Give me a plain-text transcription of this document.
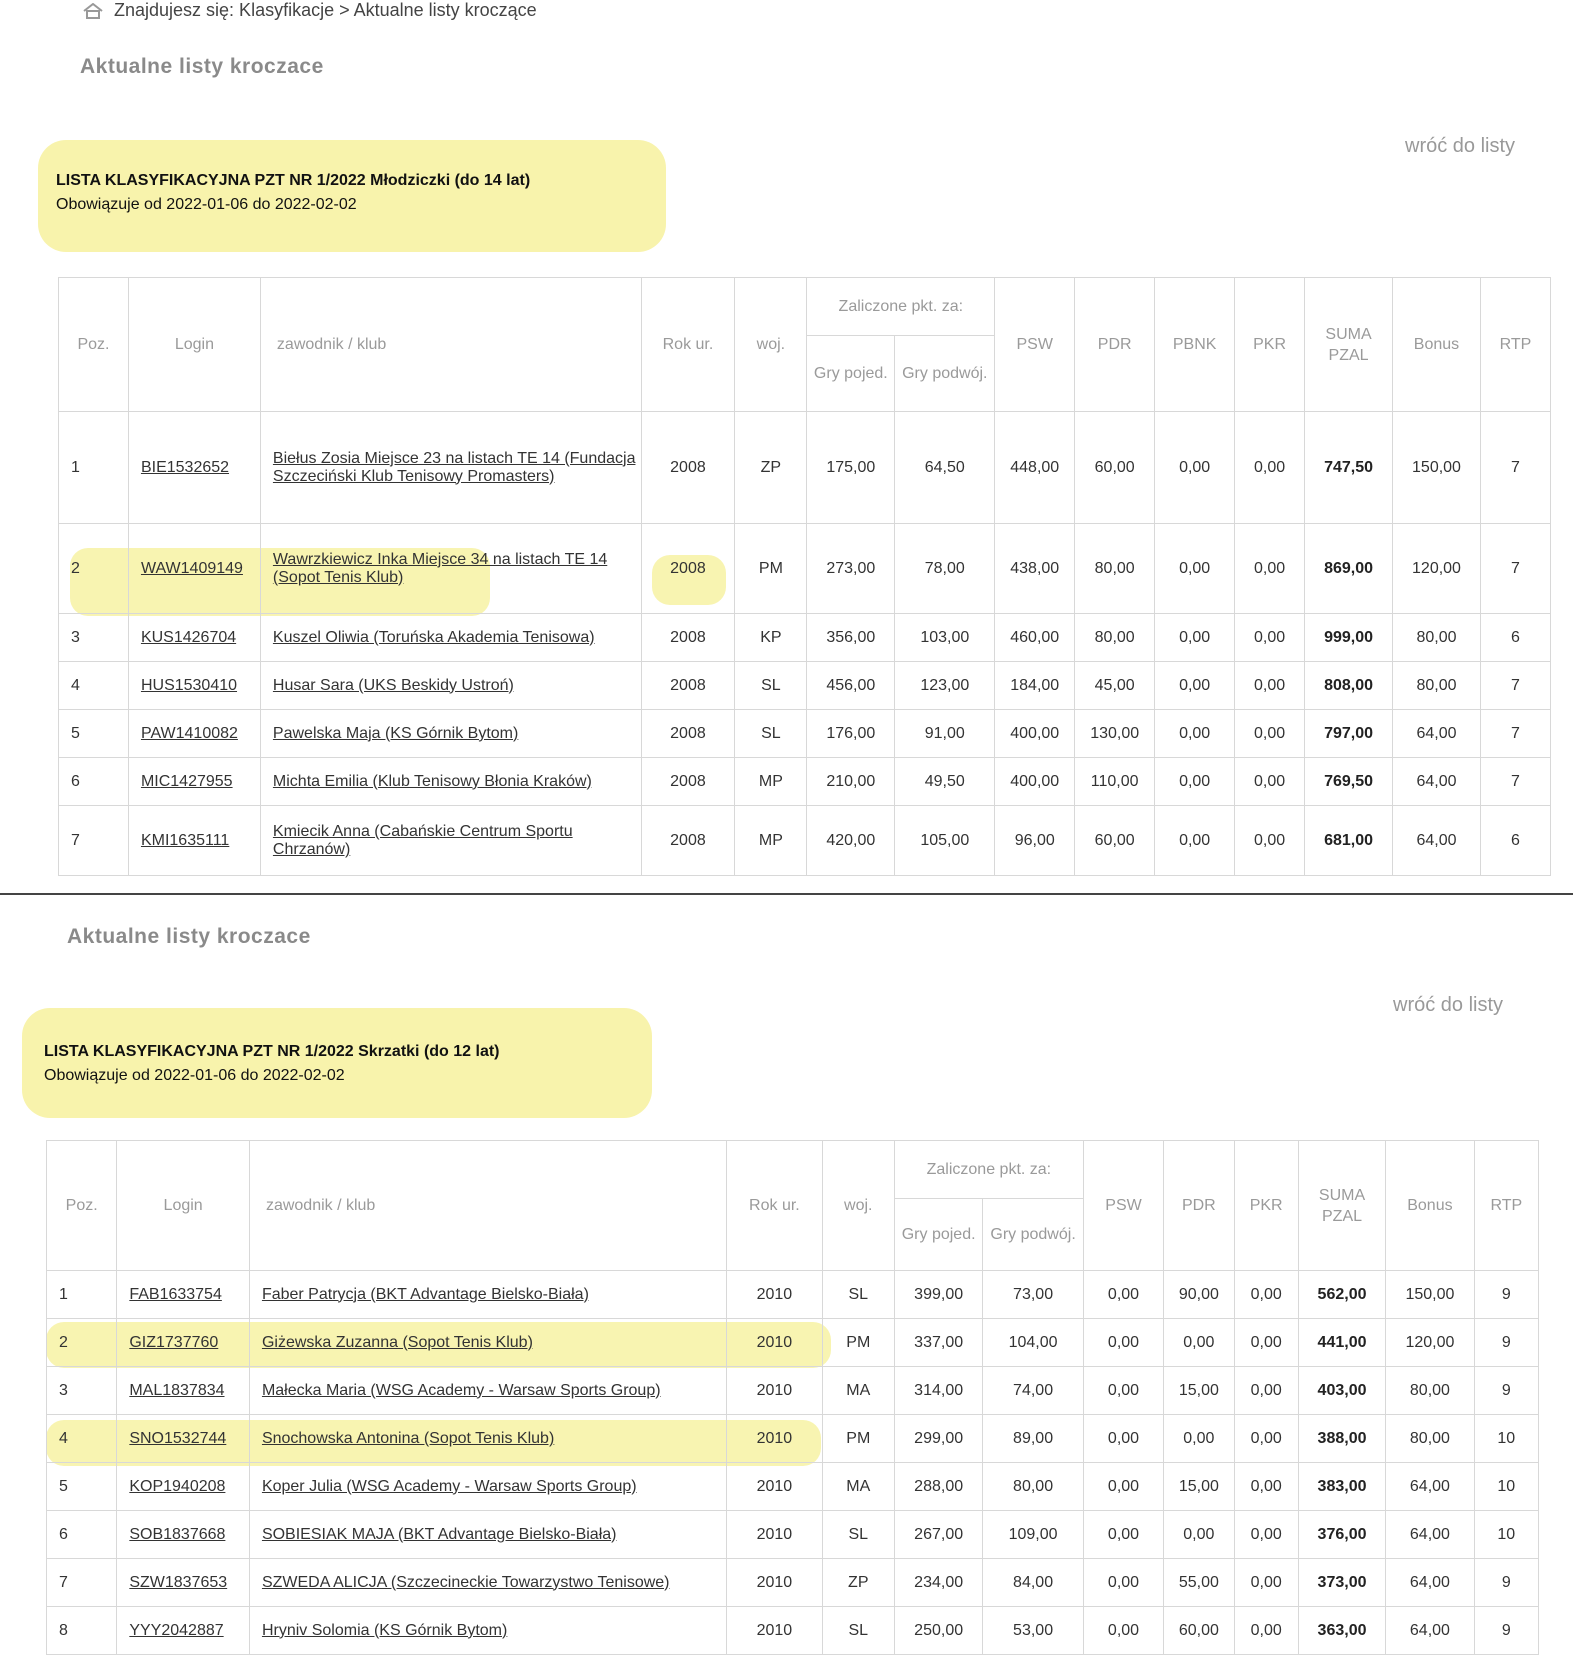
Znajdujesz się: Klasyfikacje > Aktualne listy kroczące
Aktualne listy kroczace
wróć do listy
LISTA KLASYFIKACYJNA PZT NR 1/2022 Młodziczki (do 14 lat)
Obowiązuje od 2022-01-06 do 2022-02-02
Poz.	Login	zawodnik / klub	Rok ur.	woj.	Zaliczone pkt. za:		PSW	PDR	PBNK	PKR	SUMA PZAL	Bonus	RTP
					Gry pojed.	Gry podwój.							
1	BIE1532652	Biełus Zosia Miejsce 23 na listach TE 14 (Fundacja Szczeciński Klub Tenisowy Promasters)	2008	ZP	175,00	64,50	448,00	60,00	0,00	0,00	747,50	150,00	7
2	WAW1409149	Wawrzkiewicz Inka Miejsce 34 na listach TE 14 (Sopot Tenis Klub)	2008	PM	273,00	78,00	438,00	80,00	0,00	0,00	869,00	120,00	7
3	KUS1426704	Kuszel Oliwia (Toruńska Akademia Tenisowa)	2008	KP	356,00	103,00	460,00	80,00	0,00	0,00	999,00	80,00	6
4	HUS1530410	Husar Sara (UKS Beskidy Ustroń)	2008	SL	456,00	123,00	184,00	45,00	0,00	0,00	808,00	80,00	7
5	PAW1410082	Pawelska Maja (KS Górnik Bytom)	2008	SL	176,00	91,00	400,00	130,00	0,00	0,00	797,00	64,00	7
6	MIC1427955	Michta Emilia (Klub Tenisowy Błonia Kraków)	2008	MP	210,00	49,50	400,00	110,00	0,00	0,00	769,50	64,00	7
7	KMI1635111	Kmiecik Anna (Cabańskie Centrum Sportu Chrzanów)	2008	MP	420,00	105,00	96,00	60,00	0,00	0,00	681,00	64,00	6
Aktualne listy kroczace
wróć do listy
LISTA KLASYFIKACYJNA PZT NR 1/2022 Skrzatki (do 12 lat)
Obowiązuje od 2022-01-06 do 2022-02-02
Poz.	Login	zawodnik / klub	Rok ur.	woj.	Zaliczone pkt. za:		PSW	PDR	PKR	SUMA PZAL	Bonus	RTP
					Gry pojed.	Gry podwój.						
1	FAB1633754	Faber Patrycja (BKT Advantage Bielsko-Biała)	2010	SL	399,00	73,00	0,00	90,00	0,00	562,00	150,00	9
2	GIZ1737760	Giżewska Zuzanna (Sopot Tenis Klub)	2010	PM	337,00	104,00	0,00	0,00	0,00	441,00	120,00	9
3	MAL1837834	Małecka Maria (WSG Academy - Warsaw Sports Group)	2010	MA	314,00	74,00	0,00	15,00	0,00	403,00	80,00	9
4	SNO1532744	Snochowska Antonina (Sopot Tenis Klub)	2010	PM	299,00	89,00	0,00	0,00	0,00	388,00	80,00	10
5	KOP1940208	Koper Julia (WSG Academy - Warsaw Sports Group)	2010	MA	288,00	80,00	0,00	15,00	0,00	383,00	64,00	10
6	SOB1837668	SOBIESIAK MAJA (BKT Advantage Bielsko-Biała)	2010	SL	267,00	109,00	0,00	0,00	0,00	376,00	64,00	10
7	SZW1837653	SZWEDA ALICJA (Szczecineckie Towarzystwo Tenisowe)	2010	ZP	234,00	84,00	0,00	55,00	0,00	373,00	64,00	9
8	YYY2042887	Hryniv Solomia (KS Górnik Bytom)	2010	SL	250,00	53,00	0,00	60,00	0,00	363,00	64,00	9
